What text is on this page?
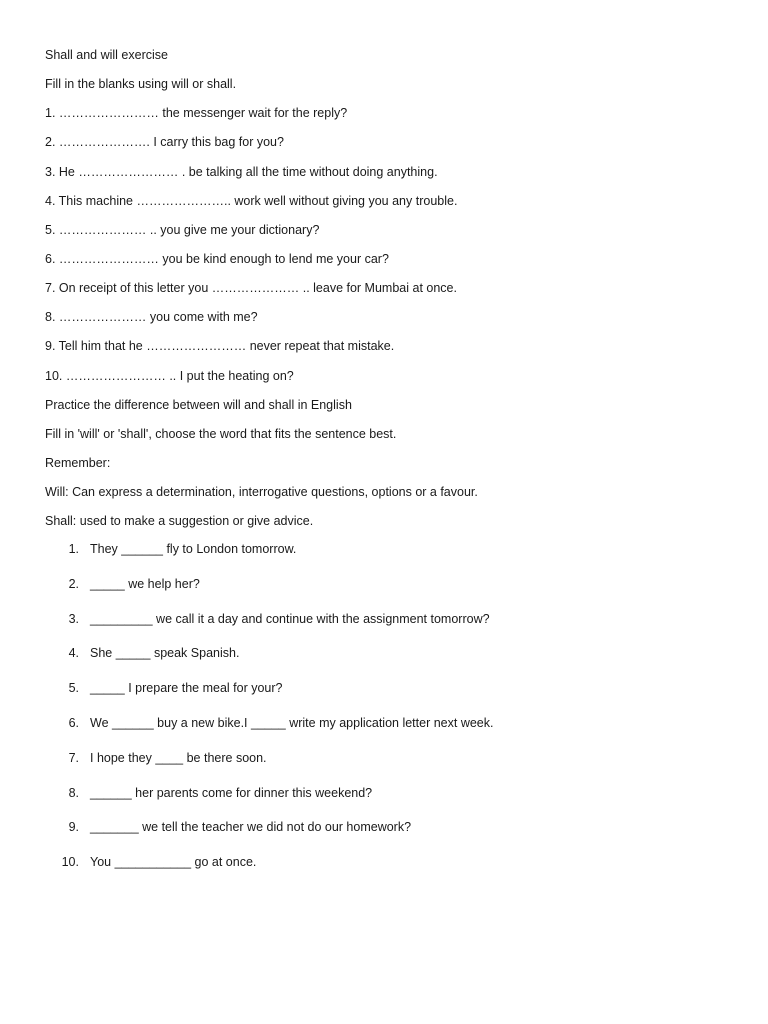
Shall and will exercise
Fill in the blanks using will or shall.
1. …………………… the messenger wait for the reply?
2. …………………. I carry this bag for you?
3. He …………………… . be talking all the time without doing anything.
4. This machine ………………….. work well without giving you any trouble.
5. ………………… .. you give me your dictionary?
6. …………………… you be kind enough to lend me your car?
7. On receipt of this letter you ………………… .. leave for Mumbai at once.
8. ………………… you come with me?
9. Tell him that he …………………… never repeat that mistake.
10. …………………… .. I put the heating on?
Practice the difference between will and shall in English
Fill in 'will' or 'shall', choose the word that fits the sentence best.
Remember:
Will: Can express a determination, interrogative questions, options or a favour.
Shall: used to make a suggestion or give advice.
1. They ______ fly to London tomorrow.
2. _____ we help her?
3. _________ we call it a day and continue with the assignment tomorrow?
4. She _____ speak Spanish.
5. _____ I prepare the meal for your?
6. We ______ buy a new bike.I _____ write my application letter next week.
7. I hope they ____ be there soon.
8. ______ her parents come for dinner this weekend?
9. _______ we tell the teacher we did not do our homework?
10. You ___________ go at once.
